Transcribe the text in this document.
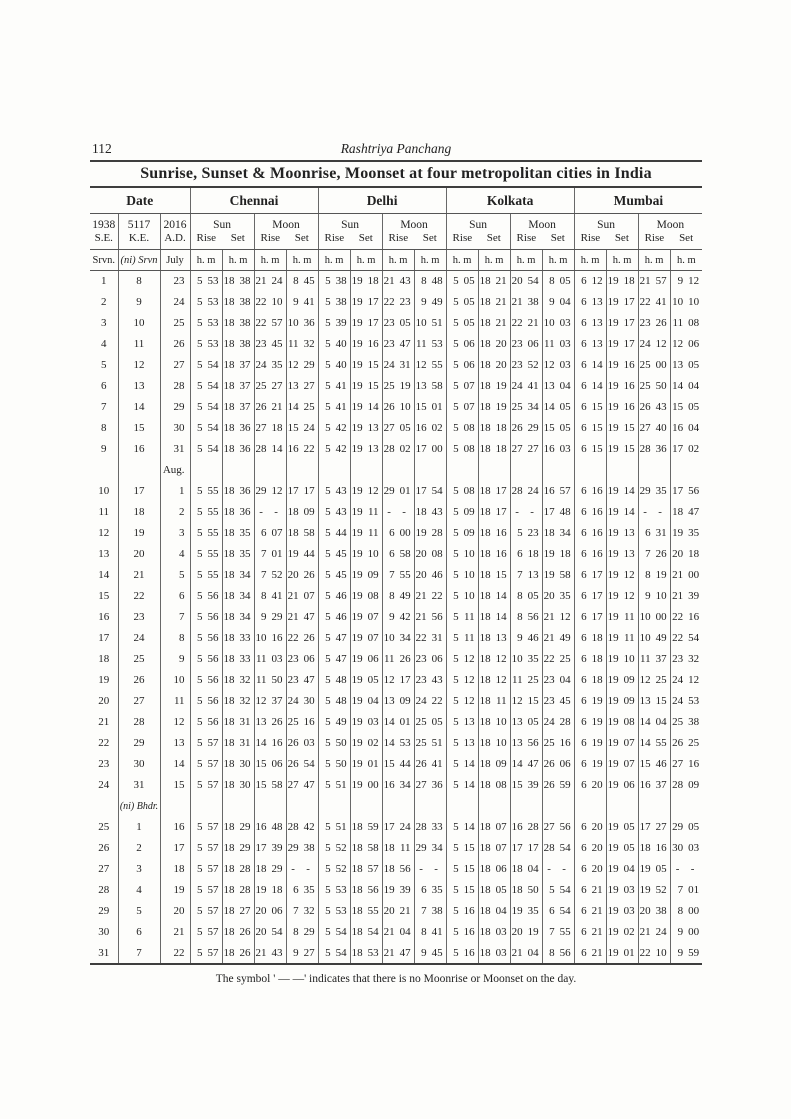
112	Rashtriya Panchang
Sunrise, Sunset & Moonrise, Moonset at four metropolitan cities in India
Date			Chennai				Delhi				Kolkata				Mumbai			
1938	5117	2016	Sun		Moon		Sun		Moon		Sun		Moon		Sun		Moon	
S.E.	K.E.	A.D.	Rise	Set	Rise	Set	Rise	Set	Rise	Set	Rise	Set	Rise	Set	Rise	Set	Rise	Set
Srvn.	(ni) Srvn	July	h. m	h. m	h. m	h. m	h. m	h. m	h. m	h. m	h. m	h. m	h. m	h. m	h. m	h. m	h. m	h. m
1	8	23	5 53	18 38	21 24	8 45	5 38	19 18	21 43	8 48	5 05	18 21	20 54	8 05	6 12	19 18	21 57	9 12

2	9	24	5 53	18 38	22 10	9 41	5 38	19 17	22 23	9 49	5 05	18 21	21 38	9 04	6 13	19 17	22 41	10 10

3	10	25	5 53	18 38	22 57	10 36	5 39	19 17	23 05	10 51	5 05	18 21	22 21	10 03	6 13	19 17	23 26	11 08

4	11	26	5 53	18 38	23 45	11 32	5 40	19 16	23 47	11 53	5 06	18 20	23 06	11 03	6 13	19 17	24 12	12 06

5	12	27	5 54	18 37	24 35	12 29	5 40	19 15	24 31	12 55	5 06	18 20	23 52	12 03	6 14	19 16	25 00	13 05

6	13	28	5 54	18 37	25 27	13 27	5 41	19 15	25 19	13 58	5 07	18 19	24 41	13 04	6 14	19 16	25 50	14 04

7	14	29	5 54	18 37	26 21	14 25	5 41	19 14	26 10	15 01	5 07	18 19	25 34	14 05	6 15	19 16	26 43	15 05

8	15	30	5 54	18 36	27 18	15 24	5 42	19 13	27 05	16 02	5 08	18 18	26 29	15 05	6 15	19 15	27 40	16 04

9	16	31	5 54	18 36	28 14	16 22	5 42	19 13	28 02	17 00	5 08	18 18	27 27	16 03	6 15	19 15	28 36	17 02

		Aug.																
10	17	1	5 55	18 36	29 12	17 17	5 43	19 12	29 01	17 54	5 08	18 17	28 24	16 57	6 16	19 14	29 35	17 56

11	18	2	5 55	18 36	- -	18 09	5 43	19 11	- -	18 43	5 09	18 17	- -	17 48	6 16	19 14	- -	18 47

12	19	3	5 55	18 35	6 07	18 58	5 44	19 11	6 00	19 28	5 09	18 16	5 23	18 34	6 16	19 13	6 31	19 35

13	20	4	5 55	18 35	7 01	19 44	5 45	19 10	6 58	20 08	5 10	18 16	6 18	19 18	6 16	19 13	7 26	20 18

14	21	5	5 55	18 34	7 52	20 26	5 45	19 09	7 55	20 46	5 10	18 15	7 13	19 58	6 17	19 12	8 19	21 00

15	22	6	5 56	18 34	8 41	21 07	5 46	19 08	8 49	21 22	5 10	18 14	8 05	20 35	6 17	19 12	9 10	21 39

16	23	7	5 56	18 34	9 29	21 47	5 46	19 07	9 42	21 56	5 11	18 14	8 56	21 12	6 17	19 11	10 00	22 16

17	24	8	5 56	18 33	10 16	22 26	5 47	19 07	10 34	22 31	5 11	18 13	9 46	21 49	6 18	19 11	10 49	22 54

18	25	9	5 56	18 33	11 03	23 06	5 47	19 06	11 26	23 06	5 12	18 12	10 35	22 25	6 18	19 10	11 37	23 32

19	26	10	5 56	18 32	11 50	23 47	5 48	19 05	12 17	23 43	5 12	18 12	11 25	23 04	6 18	19 09	12 25	24 12

20	27	11	5 56	18 32	12 37	24 30	5 48	19 04	13 09	24 22	5 12	18 11	12 15	23 45	6 19	19 09	13 15	24 53

21	28	12	5 56	18 31	13 26	25 16	5 49	19 03	14 01	25 05	5 13	18 10	13 05	24 28	6 19	19 08	14 04	25 38

22	29	13	5 57	18 31	14 16	26 03	5 50	19 02	14 53	25 51	5 13	18 10	13 56	25 16	6 19	19 07	14 55	26 25

23	30	14	5 57	18 30	15 06	26 54	5 50	19 01	15 44	26 41	5 14	18 09	14 47	26 06	6 19	19 07	15 46	27 16

24	31	15	5 57	18 30	15 58	27 47	5 51	19 00	16 34	27 36	5 14	18 08	15 39	26 59	6 20	19 06	16 37	28 09

	(ni) Bhdr.																	
25	1	16	5 57	18 29	16 48	28 42	5 51	18 59	17 24	28 33	5 14	18 07	16 28	27 56	6 20	19 05	17 27	29 05

26	2	17	5 57	18 29	17 39	29 38	5 52	18 58	18 11	29 34	5 15	18 07	17 17	28 54	6 20	19 05	18 16	30 03

27	3	18	5 57	18 28	18 29	- -	5 52	18 57	18 56	- -	5 15	18 06	18 04	- -	6 20	19 04	19 05	- -

28	4	19	5 57	18 28	19 18	6 35	5 53	18 56	19 39	6 35	5 15	18 05	18 50	5 54	6 21	19 03	19 52	7 01

29	5	20	5 57	18 27	20 06	7 32	5 53	18 55	20 21	7 38	5 16	18 04	19 35	6 54	6 21	19 03	20 38	8 00

30	6	21	5 57	18 26	20 54	8 29	5 54	18 54	21 04	8 41	5 16	18 03	20 19	7 55	6 21	19 02	21 24	9 00

31	7	22	5 57	18 26	21 43	9 27	5 54	18 53	21 47	9 45	5 16	18 03	21 04	8 56	6 21	19 01	22 10	9 59
The symbol ' — —' indicates that there is no Moonrise or Moonset on the day.
